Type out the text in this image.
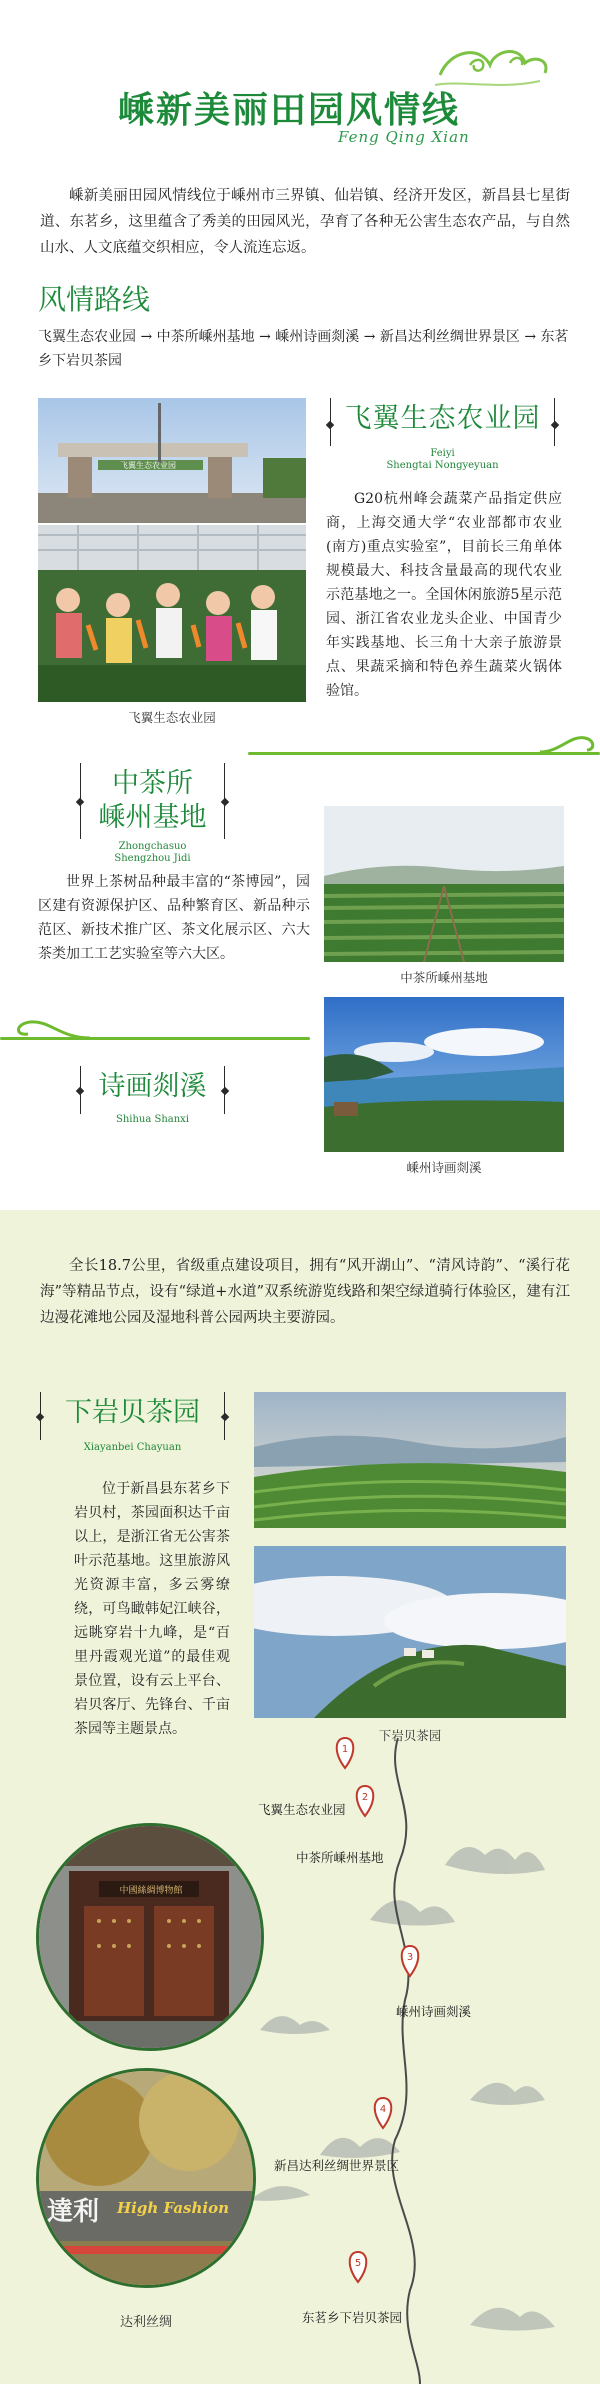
嵊新美丽田园风情线
Feng Qing Xian
嵊新美丽田园风情线位于嵊州市三界镇、仙岩镇、经济开发区，新昌县七星街道、东茗乡，这里蕴含了秀美的田园风光，孕育了各种无公害生态农产品，与自然山水、人文底蕴交织相应，令人流连忘返。
风情路线
飞翼生态农业园 → 中茶所嵊州基地 → 嵊州诗画剡溪 → 新昌达利丝绸世界景区 → 东茗乡下岩贝茶园
飞翼生态农业园
飞翼生态农业园
飞翼生态农业园
Feiyi
Shengtai Nongyeyuan
G20杭州峰会蔬菜产品指定供应商，上海交通大学“农业部都市农业(南方)重点实验室”，目前长三角单体规模最大、科技含量最高的现代农业示范基地之一。全国休闲旅游5星示范园、浙江省农业龙头企业、中国青少年实践基地、长三角十大亲子旅游景点、果蔬采摘和特色养生蔬菜火锅体验馆。
中茶所
嵊州基地
Zhongchasuo
Shengzhou Jidi
世界上茶树品种最丰富的“茶博园”，园区建有资源保护区、品种繁育区、新品种示范区、新技术推广区、茶文化展示区、六大茶类加工工艺实验室等六大区。
中茶所嵊州基地
诗画剡溪
Shihua Shanxi
嵊州诗画剡溪
全长18.7公里，省级重点建设项目，拥有“风开湖山”、“清风诗韵”、“溪行花海”等精品节点，设有“绿道+水道”双系统游览线路和架空绿道骑行体验区，建有江边漫花滩地公园及湿地科普公园两块主要游园。
下岩贝茶园
Xiayanbei Chayuan
位于新昌县东茗乡下岩贝村，茶园面积达千亩以上，是浙江省无公害茶叶示范基地。这里旅游风光资源丰富，多云雾缭绕，可鸟瞰韩妃江峡谷，远眺穿岩十九峰，是“百里丹霞观光道”的最佳观景位置，设有云上平台、岩贝客厅、先锋台、千亩茶园等主题景点。	下岩贝茶园
1
2
3
4
5
飞翼生态农业园
中茶所嵊州基地
嵊州诗画剡溪
新昌达利丝绸世界景区
东茗乡下岩贝茶园
中國絲綢博物館
達利 High Fashion
达利丝绸
